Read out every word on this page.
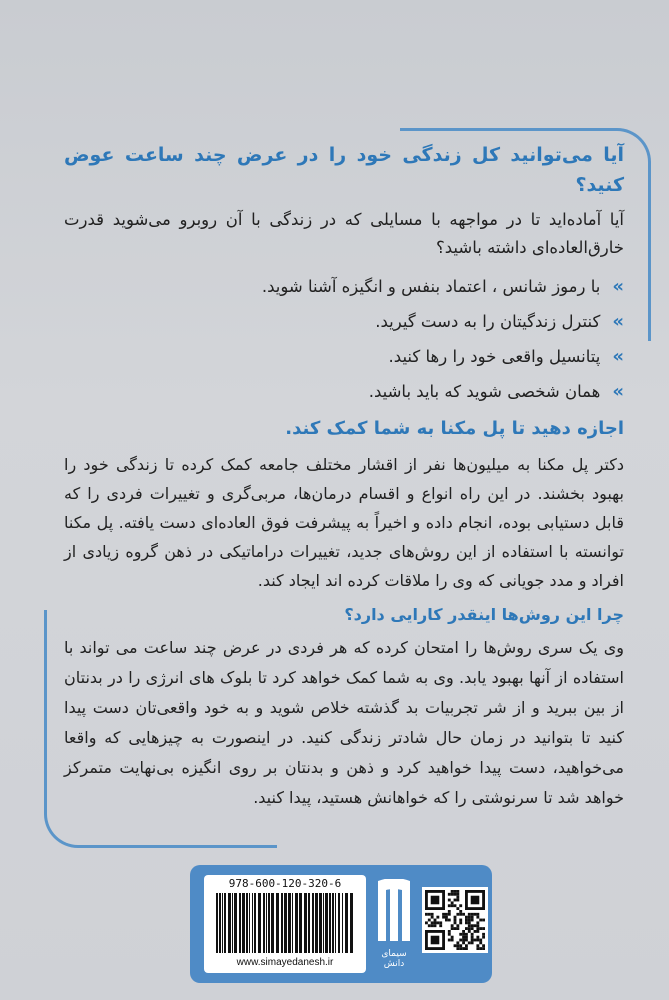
آیا می‌توانید کل زندگی خود را در عرض چند ساعت عوض کنید؟
آیا آماده‌اید تا در مواجهه با مسایلی که در زندگی با آن روبرو می‌شوید قدرت خارق‌العاده‌ای داشته باشید؟
»
با رموز شانس ، اعتماد بنفس و انگیزه آشنا شوید.
»
کنترل زندگیتان را به دست گیرید.
»
پتانسیل واقعی خود را رها کنید.
»
همان شخصی شوید که باید باشید.
اجازه دهید تا پل مکنا به شما کمک کند.
دکتر پل مکنا به میلیون‌ها نفر از اقشار مختلف جامعه کمک کرده تا زندگی خود را بهبود بخشند. در این راه انواع و اقسام درمان‌ها، مربی‌گری و تغییرات فردی را که قابل دستیابی بوده، انجام داده و اخیراً به پیشرفت فوق العاده‌ای دست یافته. پل مکنا توانسته با استفاده از این روش‌های جدید، تغییرات دراماتیکی در ذهن گروه زیادی از افراد و مدد جویانی که وی را ملاقات کرده اند ایجاد کند.
چرا این روش‌ها اینقدر کارایی دارد؟
وی یک سری روش‌ها را امتحان کرده که هر فردی در عرض چند ساعت می تواند با استفاده از آنها بهبود یابد. وی به شما کمک خواهد کرد تا بلوک های انرژی را در بدنتان از بین ببرید و از شر تجربیات بد گذشته خلاص شوید و به خود واقعی‌تان دست پیدا کنید تا بتوانید در زمان حال شادتر زندگی کنید. در اینصورت به چیزهایی که واقعا می‌خواهید، دست پیدا خواهید کرد و ذهن و بدنتان بر روی انگیزه بی‌نهایت متمرکز خواهد شد تا سرنوشتی را که خواهانش هستید، پیدا کنید.
978-600-120-320-6
www.simayedanesh.ir
سیمای دانش
